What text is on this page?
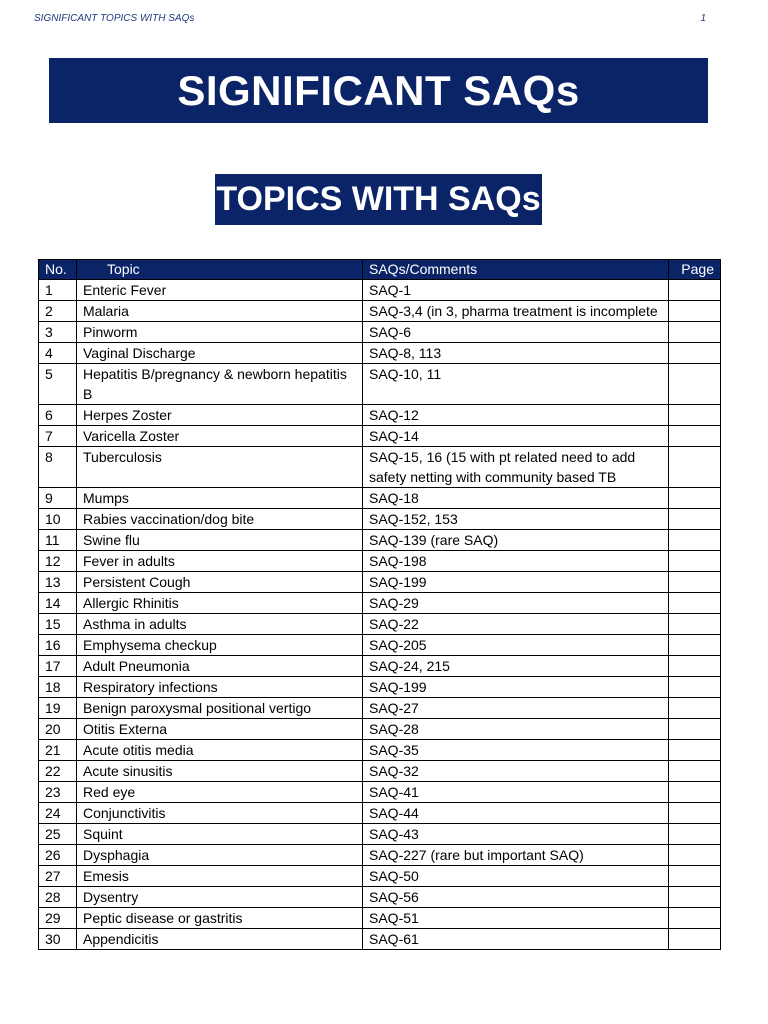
SIGNIFICANT TOPICS WITH SAQs	1
SIGNIFICANT SAQs
TOPICS WITH SAQs
No.	Topic	SAQs/Comments	Page
1	Enteric Fever	SAQ-1	
2	Malaria	SAQ-3,4 (in 3, pharma treatment is incomplete	
3	Pinworm	SAQ-6	
4	Vaginal Discharge	SAQ-8, 113	
5	Hepatitis B/pregnancy & newborn hepatitis B	SAQ-10, 11	
6	Herpes Zoster	SAQ-12	
7	Varicella Zoster	SAQ-14	
8	Tuberculosis	SAQ-15, 16 (15 with pt related need to add safety netting with community based TB	
9	Mumps	SAQ-18	
10	Rabies vaccination/dog bite	SAQ-152, 153	
11	Swine flu	SAQ-139 (rare SAQ)	
12	Fever in adults	SAQ-198	
13	Persistent Cough	SAQ-199	
14	Allergic Rhinitis	SAQ-29	
15	Asthma in adults	SAQ-22	
16	Emphysema checkup	SAQ-205	
17	Adult Pneumonia	SAQ-24, 215	
18	Respiratory infections	SAQ-199	
19	Benign paroxysmal positional vertigo	SAQ-27	
20	Otitis Externa	SAQ-28	
21	Acute otitis media	SAQ-35	
22	Acute sinusitis	SAQ-32	
23	Red eye	SAQ-41	
24	Conjunctivitis	SAQ-44	
25	Squint	SAQ-43	
26	Dysphagia	SAQ-227 (rare but important SAQ)	
27	Emesis	SAQ-50	
28	Dysentry	SAQ-56	
29	Peptic disease or gastritis	SAQ-51	
30	Appendicitis	SAQ-61	
